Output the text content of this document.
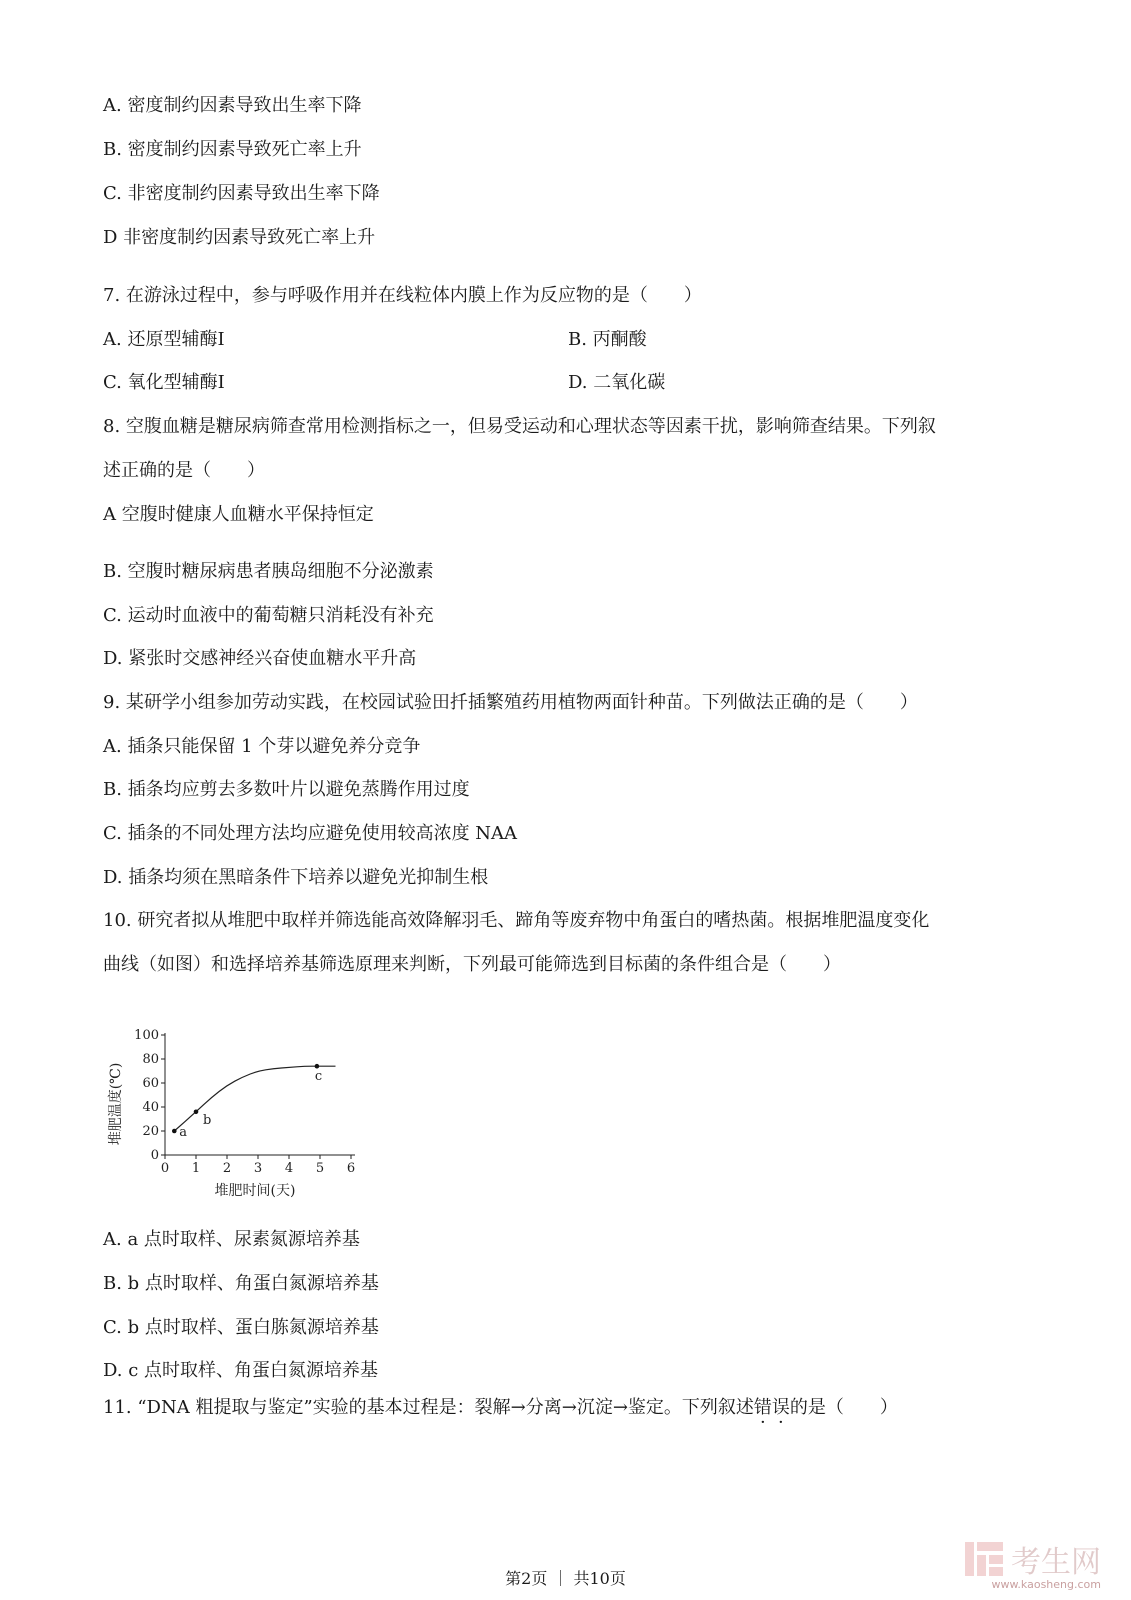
A. 密度制约因素导致出生率下降
B. 密度制约因素导致死亡率上升
C. 非密度制约因素导致出生率下降
D 非密度制约因素导致死亡率上升
7. 在游泳过程中，参与呼吸作用并在线粒体内膜上作为反应物的是（　　）
A. 还原型辅酶Ⅰ	B. 丙酮酸
C. 氧化型辅酶Ⅰ	D. 二氧化碳
8. 空腹血糖是糖尿病筛查常用检测指标之一，但易受运动和心理状态等因素干扰，影响筛查结果。下列叙
述正确的是（　　）
A 空腹时健康人血糖水平保持恒定
B. 空腹时糖尿病患者胰岛细胞不分泌激素
C. 运动时血液中的葡萄糖只消耗没有补充
D. 紧张时交感神经兴奋使血糖水平升高
9. 某研学小组参加劳动实践，在校园试验田扦插繁殖药用植物两面针种苗。下列做法正确的是（　　）
A. 插条只能保留 1 个芽以避免养分竞争
B. 插条均应剪去多数叶片以避免蒸腾作用过度
C. 插条的不同处理方法均应避免使用较高浓度 NAA
D. 插条均须在黑暗条件下培养以避免光抑制生根
10. 研究者拟从堆肥中取样并筛选能高效降解羽毛、蹄角等废弃物中角蛋白的嗜热菌。根据堆肥温度变化
曲线（如图）和选择培养基筛选原理来判断，下列最可能筛选到目标菌的条件组合是（　　）
0 1 2 3 4 5 6
0
20
40
60
80
100
a
b
c
堆肥时间(天)
堆肥温度(℃)
A. a 点时取样、尿素氮源培养基
B. b 点时取样、角蛋白氮源培养基
C. b 点时取样、蛋白胨氮源培养基
D. c 点时取样、角蛋白氮源培养基
11. “DNA 粗提取与鉴定”实验的基本过程是：裂解→分离→沉淀→鉴定。下列叙述错误的是（　　）
第2页 ｜ 共10页	考生网
www.kaosheng.com
